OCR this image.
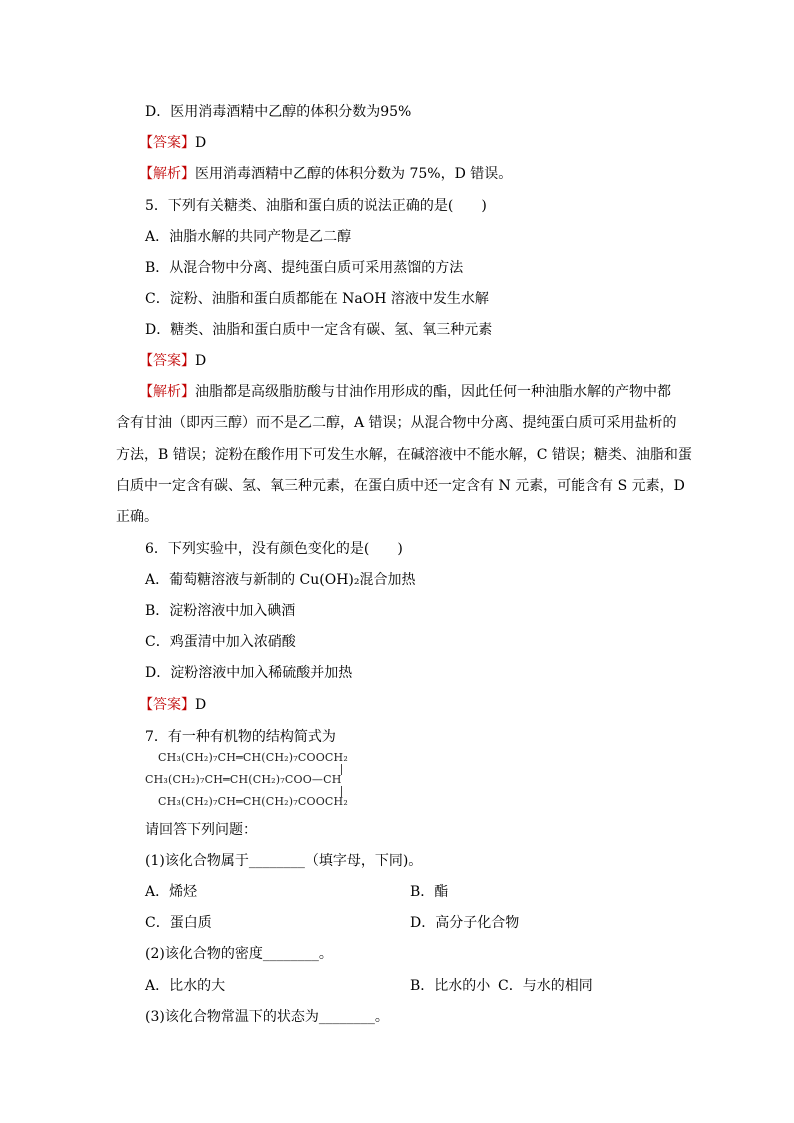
D．医用消毒酒精中乙醇的体积分数为95%
【答案】D
【解析】医用消毒酒精中乙醇的体积分数为 75%，D 错误。
5．下列有关糖类、油脂和蛋白质的说法正确的是(　　)
A．油脂水解的共同产物是乙二醇
B．从混合物中分离、提纯蛋白质可采用蒸馏的方法
C．淀粉、油脂和蛋白质都能在 NaOH 溶液中发生水解
D．糖类、油脂和蛋白质中一定含有碳、氢、氧三种元素
【答案】D
【解析】油脂都是高级脂肪酸与甘油作用形成的酯，因此任何一种油脂水解的产物中都
含有甘油（即丙三醇）而不是乙二醇，A 错误；从混合物中分离、提纯蛋白质可采用盐析的
方法，B 错误；淀粉在酸作用下可发生水解，在碱溶液中不能水解，C 错误；糖类、油脂和蛋
白质中一定含有碳、氢、氧三种元素，在蛋白质中还一定含有 N 元素，可能含有 S 元素，D
正确。
6．下列实验中，没有颜色变化的是(　　)
A．葡萄糖溶液与新制的 Cu(OH)₂混合加热
B．淀粉溶液中加入碘酒
C．鸡蛋清中加入浓硝酸
D．淀粉溶液中加入稀硫酸并加热
【答案】D
7．有一种有机物的结构简式为
CH₃(CH₂)₇CH═CH(CH₂)₇COOCH₂
CH₃(CH₂)₇CH═CH(CH₂)₇COO—CH
CH₃(CH₂)₇CH═CH(CH₂)₇COOCH₂
请回答下列问题：
(1)该化合物属于________（填字母，下同)。
A．烯烃	B．酯
C．蛋白质	D．高分子化合物
(2)该化合物的密度________。
A．比水的大	B．比水的小 C．与水的相同
(3)该化合物常温下的状态为________。
